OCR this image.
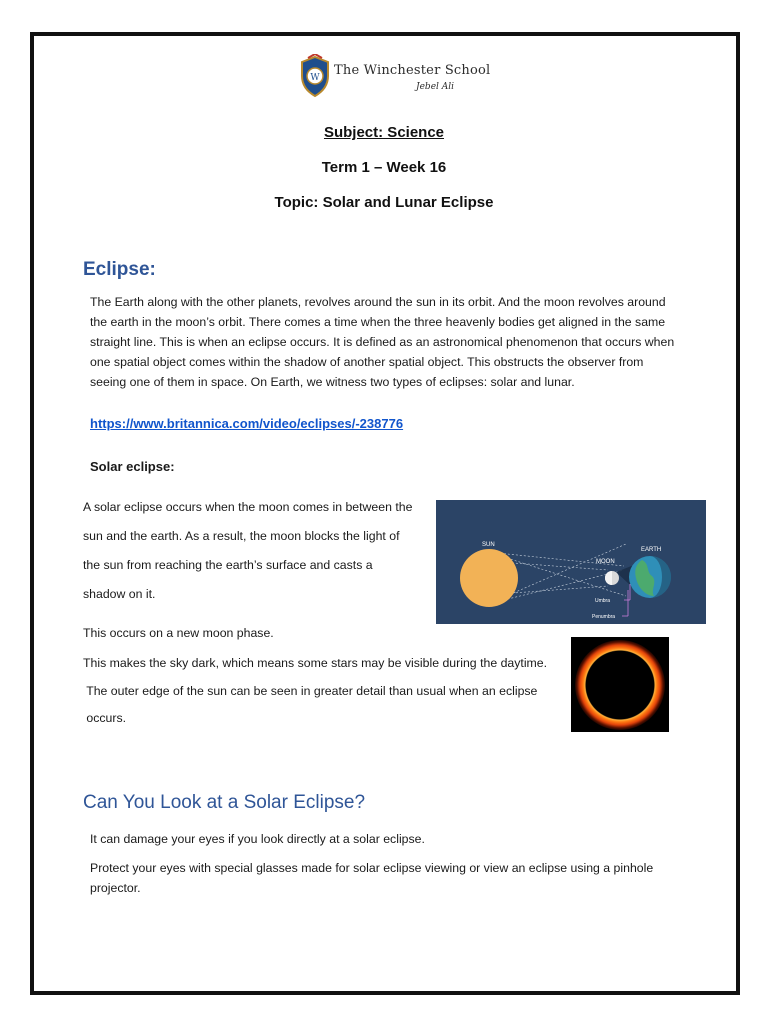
W The Winchester School
Jebel Ali
Subject: Science
Term 1 – Week 16
Topic: Solar and Lunar Eclipse
Eclipse:
The Earth along with the other planets, revolves around the sun in its orbit. And the moon revolves around the earth in the moon’s orbit. There comes a time when the three heavenly bodies get aligned in the same straight line. This is when an eclipse occurs. It is defined as an astronomical phenomenon that occurs when one spatial object comes within the shadow of another spatial object. This obstructs the observer from seeing one of them in space. On Earth, we witness two types of eclipses: solar and lunar.
https://www.britannica.com/video/eclipses/-238776
Solar eclipse:
A solar eclipse occurs when the moon comes in between the
sun and the earth. As a result, the moon blocks the light of
the sun from reaching the earth’s surface and casts a
shadow on it.
SUN
MOON
EARTH
Umbra
Penumbra
This occurs on a new moon phase.
This makes the sky dark, which means some stars may be visible during the daytime.
The outer edge of the sun can be seen in greater detail than usual when an eclipse
occurs.
Can You Look at a Solar Eclipse?
It can damage your eyes if you look directly at a solar eclipse.
Protect your eyes with special glasses made for solar eclipse viewing or view an eclipse using a pinhole projector.
